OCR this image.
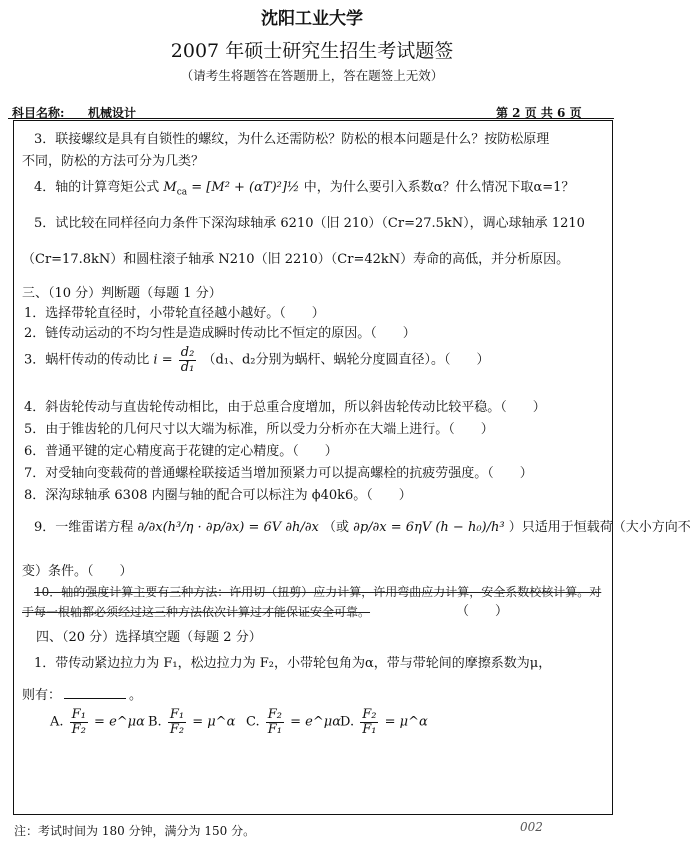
沈阳工业大学
2007 年硕士研究生招生考试题签
（请考生将题答在答题册上，答在题签上无效）
科目名称: 机械设计	第 2 页 共 6 页
3．联接螺纹是具有自锁性的螺纹，为什么还需防松？防松的根本问题是什么？按防松原理
不同，防松的方法可分为几类？
4．轴的计算弯矩公式 $M_{ca} = [M^2$ + (αT)²]½ 中，为什么要引入系数α？什么情况下取α=1？
5．试比较在同样径向力条件下深沟球轴承 6210（旧 210）（Cr=27.5kN），调心球轴承 1210
（Cr=17.8kN）和圆柱滚子轴承 N210（旧 2210）（Cr=42kN）寿命的高低，并分析原因。
三、（10 分）判断题（每题 1 分）
1．选择带轮直径时，小带轮直径越小越好。（　　）
2．链传动运动的不均匀性是造成瞬时传动比不恒定的原因。（　　）
3．蜗杆传动的传动比 $i = \frac{\text{d₂}}{\text{d₁}} (d_1$、d₂分别为蜗杆、蜗轮分度圆直径）。（　　）
4．斜齿轮传动与直齿轮传动相比，由于总重合度增加，所以斜齿轮传动比较平稳。（　　）
5．由于锥齿轮的几何尺寸以大端为标准，所以受力分析亦在大端上进行。（　　）
6．普通平键的定心精度高于花键的定心精度。（　　）
7．对受轴向变载荷的普通螺栓联接适当增加预紧力可以提高螺栓的抗疲劳强度。（　　）
8．深沟球轴承 6308 内圈与轴的配合可以标注为 ϕ40k6。（　　）
9．一维雷诺方程 ∂/∂x(h³/η · ∂p/∂x) = 6V ∂h/∂x （或 ∂p/∂x = 6ηV (h − h₀)/h³ ）只适用于恒载荷（大小方向不
变）条件。（　　）
10．轴的强度计算主要有三种方法：许用切（扭剪）应力计算，许用弯曲应力计算，安全系数校核计算。对
于每一根轴都必须经过这三种方法依次计算过才能保证安全可靠。	（　　）
四、（20 分）选择填空题（每题 2 分）
1．带传动紧边拉力为 F₁，松边拉力为 F₂，小带轮包角为α，带与带轮间的摩擦系数为μ，
则有：	。
A. $\frac{\text{F₁}}{\text{F₂}}$ = e^μα B. $\frac{\text{F₁}}{\text{F₂}}$ = μ^α C. $\frac{\text{F₂}}{\text{F₁}}$ = e^μα D. $\frac{\text{F₂}}{\text{F₁}}$ = μ^α
注：考试时间为 180 分钟，满分为 150 分。	002
